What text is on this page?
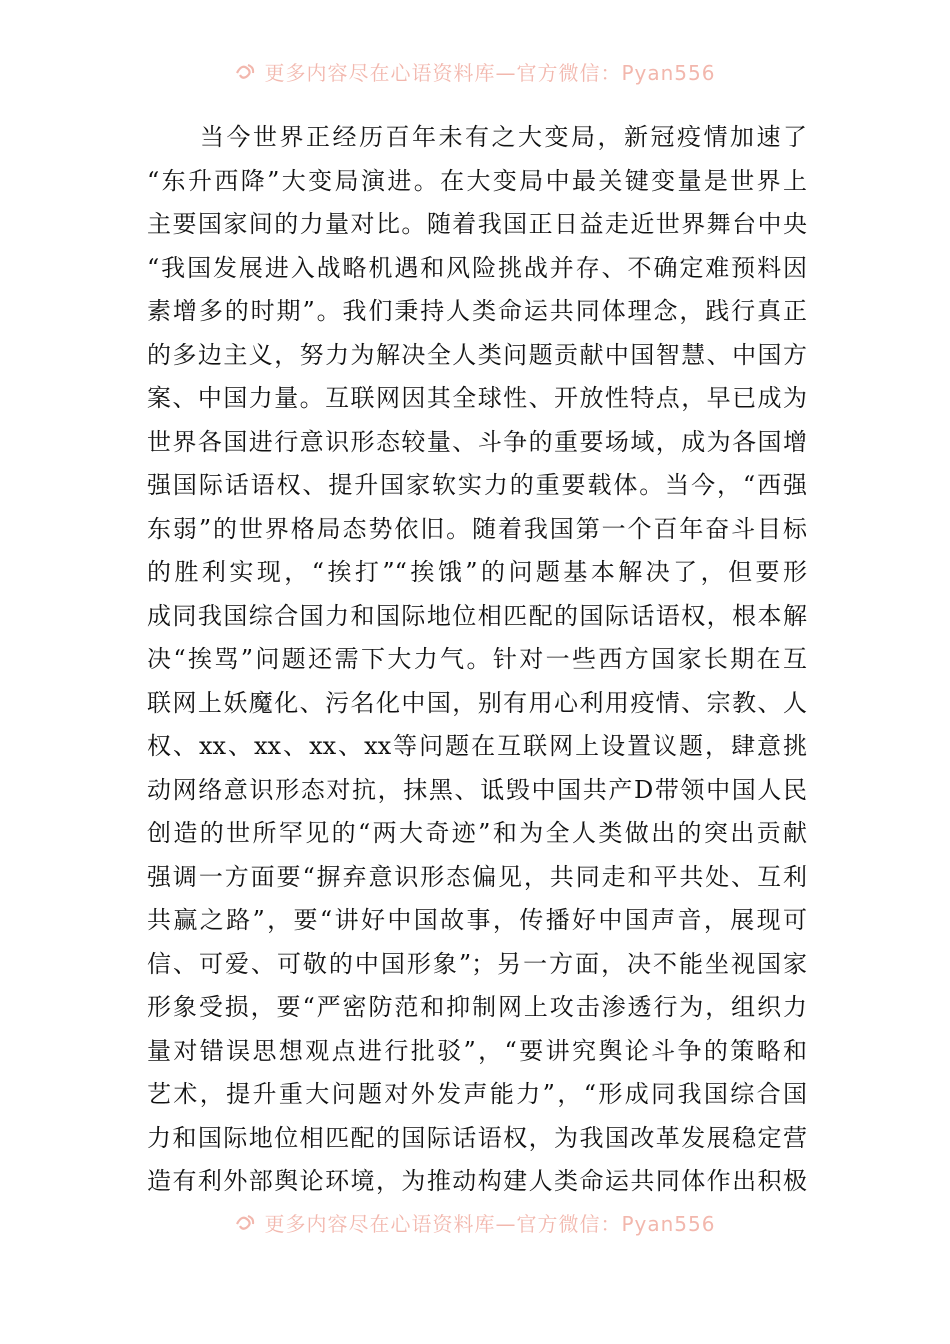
更多内容尽在心语资料库—官方微信：Pyan556
　　当今世界正经历百年未有之大变局，新冠疫情加速了
“东升西降”大变局演进。在大变局中最关键变量是世界上
主要国家间的力量对比。随着我国正日益走近世界舞台中央
“我国发展进入战略机遇和风险挑战并存、不确定难预料因
素增多的时期”。我们秉持人类命运共同体理念，践行真正
的多边主义，努力为解决全人类问题贡献中国智慧、中国方
案、中国力量。互联网因其全球性、开放性特点，早已成为
世界各国进行意识形态较量、斗争的重要场域，成为各国增
强国际话语权、提升国家软实力的重要载体。当今，“西强
东弱”的世界格局态势依旧。随着我国第一个百年奋斗目标
的胜利实现，“挨打”“挨饿”的问题基本解决了，但要形
成同我国综合国力和国际地位相匹配的国际话语权，根本解
决“挨骂”问题还需下大力气。针对一些西方国家长期在互
联网上妖魔化、污名化中国，别有用心利用疫情、宗教、人
权、xx、xx、xx、xx等问题在互联网上设置议题，肆意挑
动网络意识形态对抗，抹黑、诋毁中国共产D带领中国人民
创造的世所罕见的“两大奇迹”和为全人类做出的突出贡献
强调一方面要“摒弃意识形态偏见，共同走和平共处、互利
共赢之路”，要“讲好中国故事，传播好中国声音，展现可
信、可爱、可敬的中国形象”；另一方面，决不能坐视国家
形象受损，要“严密防范和抑制网上攻击渗透行为，组织力
量对错误思想观点进行批驳”，“要讲究舆论斗争的策略和
艺术，提升重大问题对外发声能力”，“形成同我国综合国
力和国际地位相匹配的国际话语权，为我国改革发展稳定营
造有利外部舆论环境，为推动构建人类命运共同体作出积极
更多内容尽在心语资料库—官方微信：Pyan556
